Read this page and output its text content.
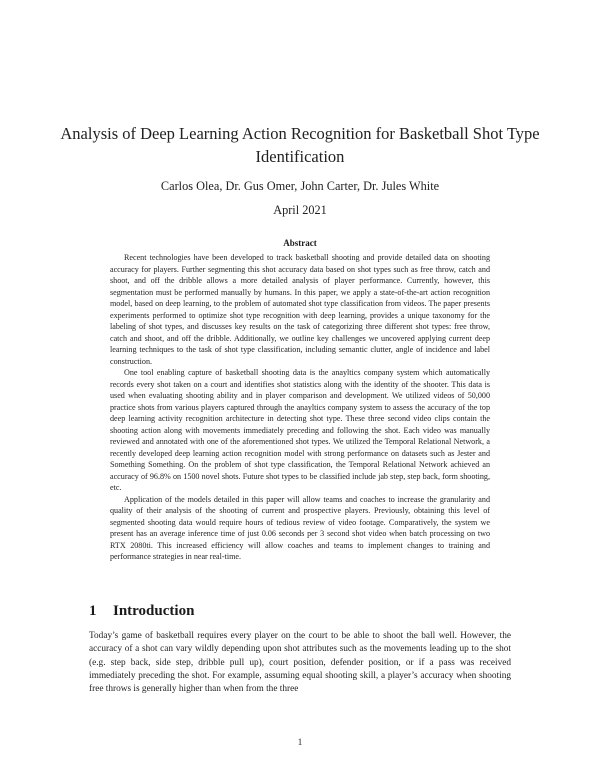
Analysis of Deep Learning Action Recognition for Basketball Shot Type Identification
Carlos Olea, Dr. Gus Omer, John Carter, Dr. Jules White
April 2021
Abstract

Recent technologies have been developed to track basketball shooting and provide detailed data on shooting accuracy for players. Further segmenting this shot accuracy data based on shot types such as free throw, catch and shoot, and off the dribble allows a more detailed analysis of player performance. Currently, however, this segmentation must be performed manually by humans. In this paper, we apply a state-of-the-art action recognition model, based on deep learning, to the problem of automated shot type classification from videos. The paper presents experiments performed to optimize shot type recognition with deep learning, provides a unique taxonomy for the labeling of shot types, and discusses key results on the task of categorizing three different shot types: free throw, catch and shoot, and off the dribble. Additionally, we outline key challenges we uncovered applying current deep learning techniques to the task of shot type classification, including semantic clutter, angle of incidence and label construction.

One tool enabling capture of basketball shooting data is the anayltics company system which automatically records every shot taken on a court and identifies shot statistics along with the identity of the shooter. This data is used when evaluating shooting ability and in player comparison and development. We utilized videos of 50,000 practice shots from various players captured through the anayltics company system to assess the accuracy of the top deep learning activity recognition architecture in detecting shot type. These three second video clips contain the shooting action along with movements immediately preceding and following the shot. Each video was manually reviewed and annotated with one of the aforementioned shot types. We utilized the Temporal Relational Network, a recently developed deep learning action recognition model with strong performance on datasets such as Jester and Something Something. On the problem of shot type classification, the Temporal Relational Network achieved an accuracy of 96.8% on 1500 novel shots. Future shot types to be classified include jab step, step back, form shooting, etc.

Application of the models detailed in this paper will allow teams and coaches to increase the granularity and quality of their analysis of the shooting of current and prospective players. Previously, obtaining this level of segmented shooting data would require hours of tedious review of video footage. Comparatively, the system we present has an average inference time of just 0.06 seconds per 3 second shot video when batch processing on two RTX 2080ti. This increased efficiency will allow coaches and teams to implement changes to training and performance strategies in near real-time.

1 Introduction

Today’s game of basketball requires every player on the court to be able to shoot the ball well. However, the accuracy of a shot can vary wildly depending upon shot attributes such as the movements leading up to the shot (e.g. step back, side step, dribble pull up), court position, defender position, or if a pass was received immediately preceding the shot. For example, assuming equal shooting skill, a player’s accuracy when shooting free throws is generally higher than when from the three

1
